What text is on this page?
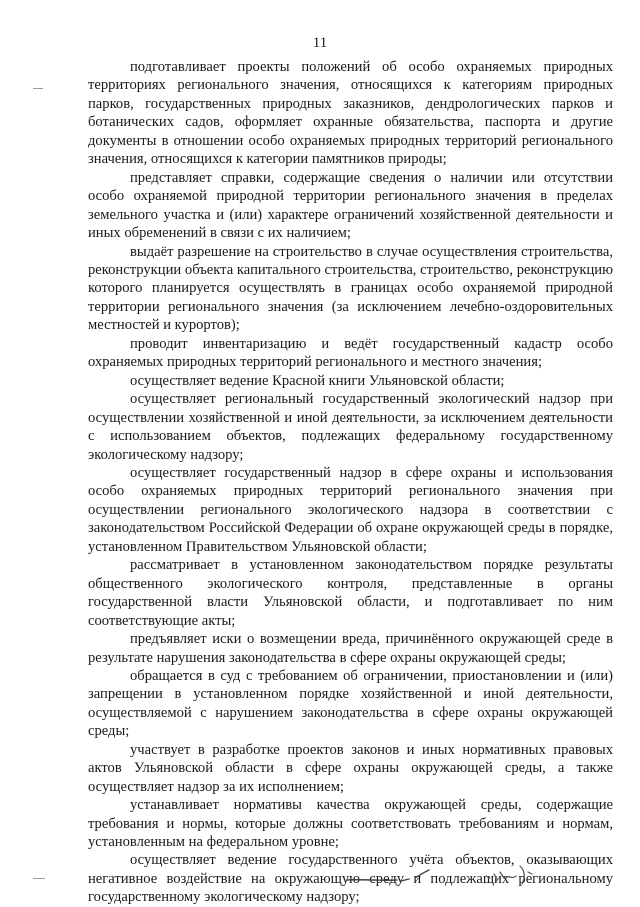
11

подготавливает проекты положений об особо охраняемых природных территориях регионального значения, относящихся к категориям природных парков, государственных природных заказников, дендрологических парков и ботанических садов, оформляет охранные обязательства, паспорта и другие документы в отношении особо охраняемых природных территорий регионального значения, относящихся к категории памятников природы;

представляет справки, содержащие сведения о наличии или отсутствии особо охраняемой природной территории регионального значения в пределах земельного участка и (или) характере ограничений хозяйственной деятельности и иных обременений в связи с их наличием;

выдаёт разрешение на строительство в случае осуществления строительства, реконструкции объекта капитального строительства, строительство, реконструкцию которого планируется осуществлять в границах особо охраняемой природной территории регионального значения (за исключением лечебно-оздоровительных местностей и курортов);

проводит инвентаризацию и ведёт государственный кадастр особо охраняемых природных территорий регионального и местного значения;

осуществляет ведение Красной книги Ульяновской области;

осуществляет региональный государственный экологический надзор при осуществлении хозяйственной и иной деятельности, за исключением деятельности с использованием объектов, подлежащих федеральному государственному экологическому надзору;

осуществляет государственный надзор в сфере охраны и использования особо охраняемых природных территорий регионального значения при осуществлении регионального экологического надзора в соответствии с законодательством Российской Федерации об охране окружающей среды в порядке, установленном Правительством Ульяновской области;

рассматривает в установленном законодательством порядке результаты общественного экологического контроля, представленные в органы государственной власти Ульяновской области, и подготавливает по ним соответствующие акты;

предъявляет иски о возмещении вреда, причинённого окружающей среде в результате нарушения законодательства в сфере охраны окружающей среды;

обращается в суд с требованием об ограничении, приостановлении и (или) запрещении в установленном порядке хозяйственной и иной деятельности, осуществляемой с нарушением законодательства в сфере охраны окружающей среды;

участвует в разработке проектов законов и иных нормативных правовых актов Ульяновской области в сфере охраны окружающей среды, а также осуществляет надзор за их исполнением;

устанавливает нормативы качества окружающей среды, содержащие требования и нормы, которые должны соответствовать требованиям и нормам, установленным на федеральном уровне;

осуществляет ведение государственного учёта объектов, оказывающих негативное воздействие на окружающую среду и подлежащих региональному государственному экологическому надзору;
